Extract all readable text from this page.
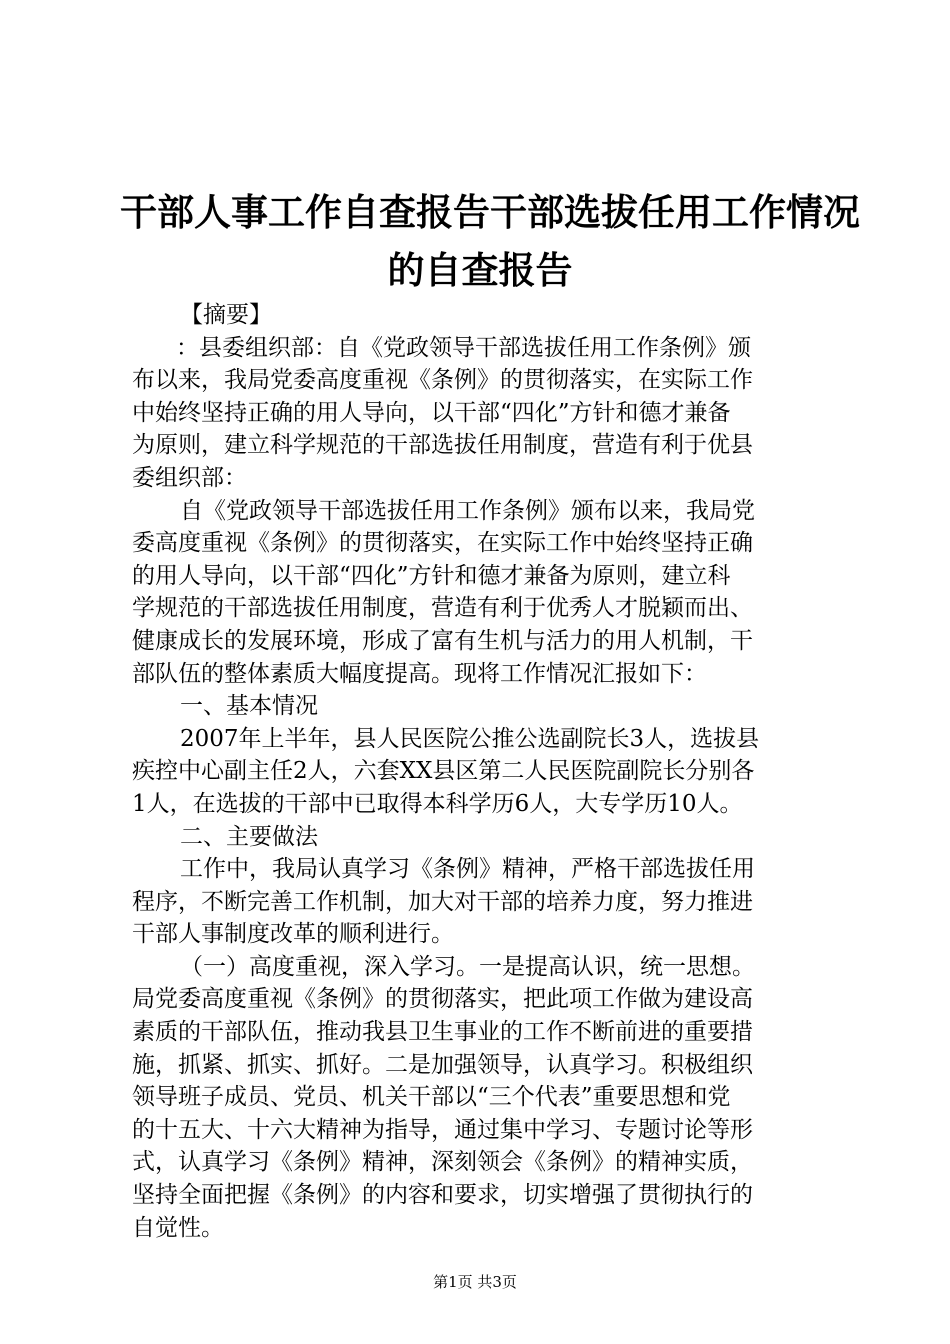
干部人事工作自查报告干部选拔任用工作情况
的自查报告
【摘要】
：县委组织部：自《党政领导干部选拔任用工作条例》颁
布以来，我局党委高度重视《条例》的贯彻落实，在实际工作
中始终坚持正确的用人导向，以干部“四化”方针和德才兼备
为原则，建立科学规范的干部选拔任用制度，营造有利于优县
委组织部：
自《党政领导干部选拔任用工作条例》颁布以来，我局党
委高度重视《条例》的贯彻落实，在实际工作中始终坚持正确
的用人导向，以干部“四化”方针和德才兼备为原则，建立科
学规范的干部选拔任用制度，营造有利于优秀人才脱颖而出、
健康成长的发展环境，形成了富有生机与活力的用人机制，干
部队伍的整体素质大幅度提高。现将工作情况汇报如下：
一、基本情况
2007年上半年，县人民医院公推公选副院长3人，选拔县
疾控中心副主任2人，六套XX县区第二人民医院副院长分别各
1人，在选拔的干部中已取得本科学历6人，大专学历10人。
二、主要做法
工作中，我局认真学习《条例》精神，严格干部选拔任用
程序，不断完善工作机制，加大对干部的培养力度，努力推进
干部人事制度改革的顺利进行。
（一）高度重视，深入学习。一是提高认识，统一思想。
局党委高度重视《条例》的贯彻落实，把此项工作做为建设高
素质的干部队伍，推动我县卫生事业的工作不断前进的重要措
施，抓紧、抓实、抓好。二是加强领导，认真学习。积极组织
领导班子成员、党员、机关干部以“三个代表”重要思想和党
的十五大、十六大精神为指导，通过集中学习、专题讨论等形
式，认真学习《条例》精神，深刻领会《条例》的精神实质，
坚持全面把握《条例》的内容和要求，切实增强了贯彻执行的
自觉性。
第1页 共3页
